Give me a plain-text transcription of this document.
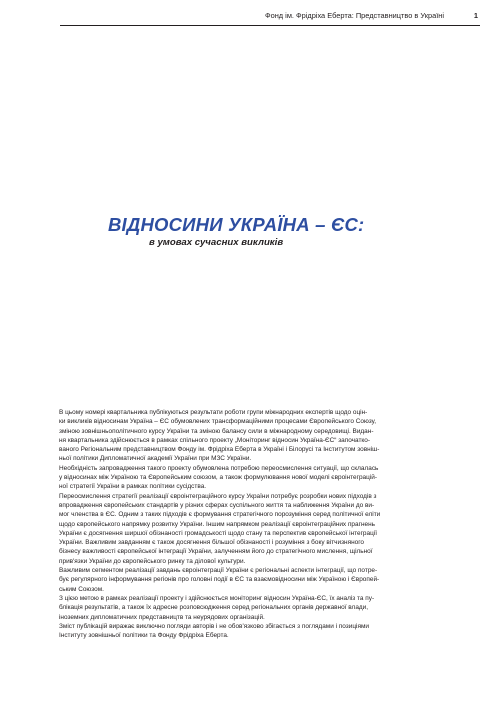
Фонд ім. Фрідріха Еберта: Представництво в Україні	1
ВІДНОСИНИ УКРАЇНА – ЄС:
в умовах сучасних викликів
В цьому номері квартальника публікуються результати роботи групи міжнародних експертів щодо оцін-
ки викликів відносинам Україна – ЄС обумовлених трансформаційними процесами Європейського Союзу,
зміною зовнішньополітичного курсу України та зміною балансу сили в міжнародному середовищі. Видан-
ня квартальника здійснюється в рамках спільного проекту „Моніторинг відносин Україна-ЄС“ започатко-
ваного Регіональним представництвом Фонду ім. Фрідріха Еберта в Україні і Білорусі та Інститутом зовніш-
ньої політики Дипломатичної академії України при МЗС України.
Необхідність запровадження такого проекту обумовлена потребою переосмислення ситуації, що склалась
у відносинах між Україною та Європейським союзом, а також формулювання нової моделі євроінтеграцій-
ної стратегії України в рамках політики сусідства.
Переосмислення стратегії реалізації євроінтеграційного курсу України потребує розробки нових підходів з
впровадження європейських стандартів у різних сферах суспільного життя та наближення України до ви-
мог членства в ЄС. Одним з таких підходів є формування стратегічного порозуміння серед політичної еліти
щодо європейського напрямку розвитку України. Іншим напрямком реалізації євроінтеграційних прагнень
України є досягнення ширшої обізнаності громадськості щодо стану та перспектив європейської інтеграції
України. Важливим завданням є також досягнення більшої обізнаності і розуміння з боку вітчизняного
бізнесу важливості європейської інтеграції України, залученням його до стратегічного мислення, щільної
прив'язки України до європейського ринку та ділової культури.
Важливим сегментом реалізації завдань євроінтеграції України є регіональні аспекти інтеграції, що потре-
бує регулярного інформування регіонів про головні події в ЄС та взаємовідносини між Україною і Європей-
ським Союзом.
З цією метою в рамках реалізації проекту і здійснюється моніторинг відносин Україна-ЄС, їх аналіз та пу-
блікація результатів, а також їх адресне розповсюдження серед регіональних органів державної влади,
іноземних дипломатичних представництв та неурядових організацій.
Зміст публікацій виражає виключно погляди авторів і не обов'язково збігається з поглядами і позиціями
Інституту зовнішньої політики та Фонду Фрідріха Еберта.
